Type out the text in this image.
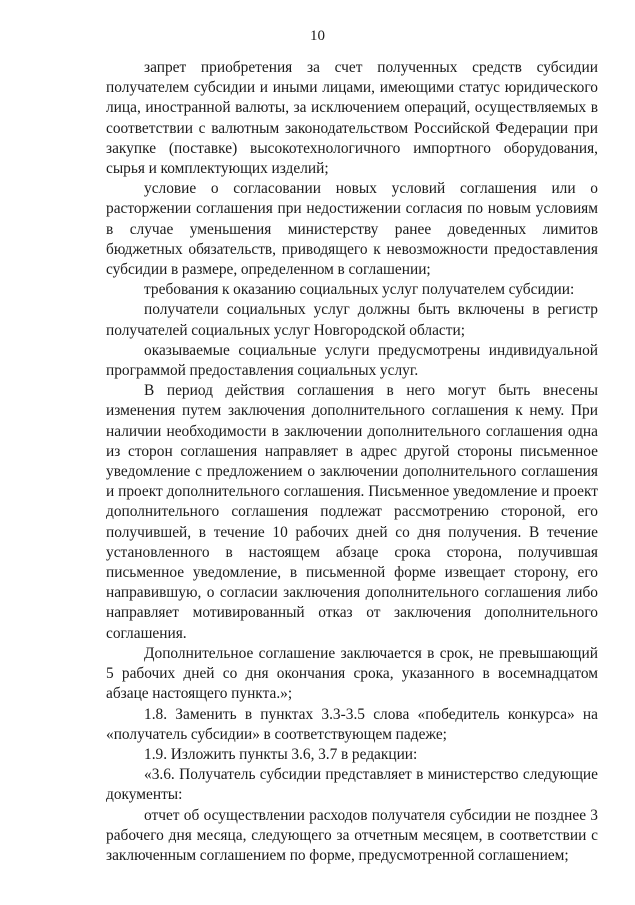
10

запрет приобретения за счет полученных средств субсидии получателем субсидии и иными лицами, имеющими статус юридического лица, иностранной валюты, за исключением операций, осуществляемых в соответствии с валютным законодательством Российской Федерации при закупке (поставке) высокотехнологичного импортного оборудования, сырья и комплектующих изделий;

условие о согласовании новых условий соглашения или о расторжении соглашения при недостижении согласия по новым условиям в случае уменьшения министерству ранее доведенных лимитов бюджетных обязательств, приводящего к невозможности предоставления субсидии в размере, определенном в соглашении;

требования к оказанию социальных услуг получателем субсидии:

получатели социальных услуг должны быть включены в регистр получателей социальных услуг Новгородской области;

оказываемые социальные услуги предусмотрены индивидуальной программой предоставления социальных услуг.

В период действия соглашения в него могут быть внесены изменения путем заключения дополнительного соглашения к нему. При наличии необходимости в заключении дополнительного соглашения одна из сторон соглашения направляет в адрес другой стороны письменное уведомление с предложением о заключении дополнительного соглашения и проект дополнительного соглашения. Письменное уведомление и проект дополнительного соглашения подлежат рассмотрению стороной, его получившей, в течение 10 рабочих дней со дня получения. В течение установленного в настоящем абзаце срока сторона, получившая письменное уведомление, в письменной форме извещает сторону, его направившую, о согласии заключения дополнительного соглашения либо направляет мотивированный отказ от заключения дополнительного соглашения.

Дополнительное соглашение заключается в срок, не превышающий 5 рабочих дней со дня окончания срока, указанного в восемнадцатом абзаце настоящего пункта.»;

1.8. Заменить в пунктах 3.3-3.5 слова «победитель конкурса» на «получатель субсидии» в соответствующем падеже;

1.9. Изложить пункты 3.6, 3.7 в редакции:

«3.6. Получатель субсидии представляет в министерство следующие документы:

отчет об осуществлении расходов получателя субсидии не позднее 3 рабочего дня месяца, следующего за отчетным месяцем, в соответствии с заключенным соглашением по форме, предусмотренной соглашением;
